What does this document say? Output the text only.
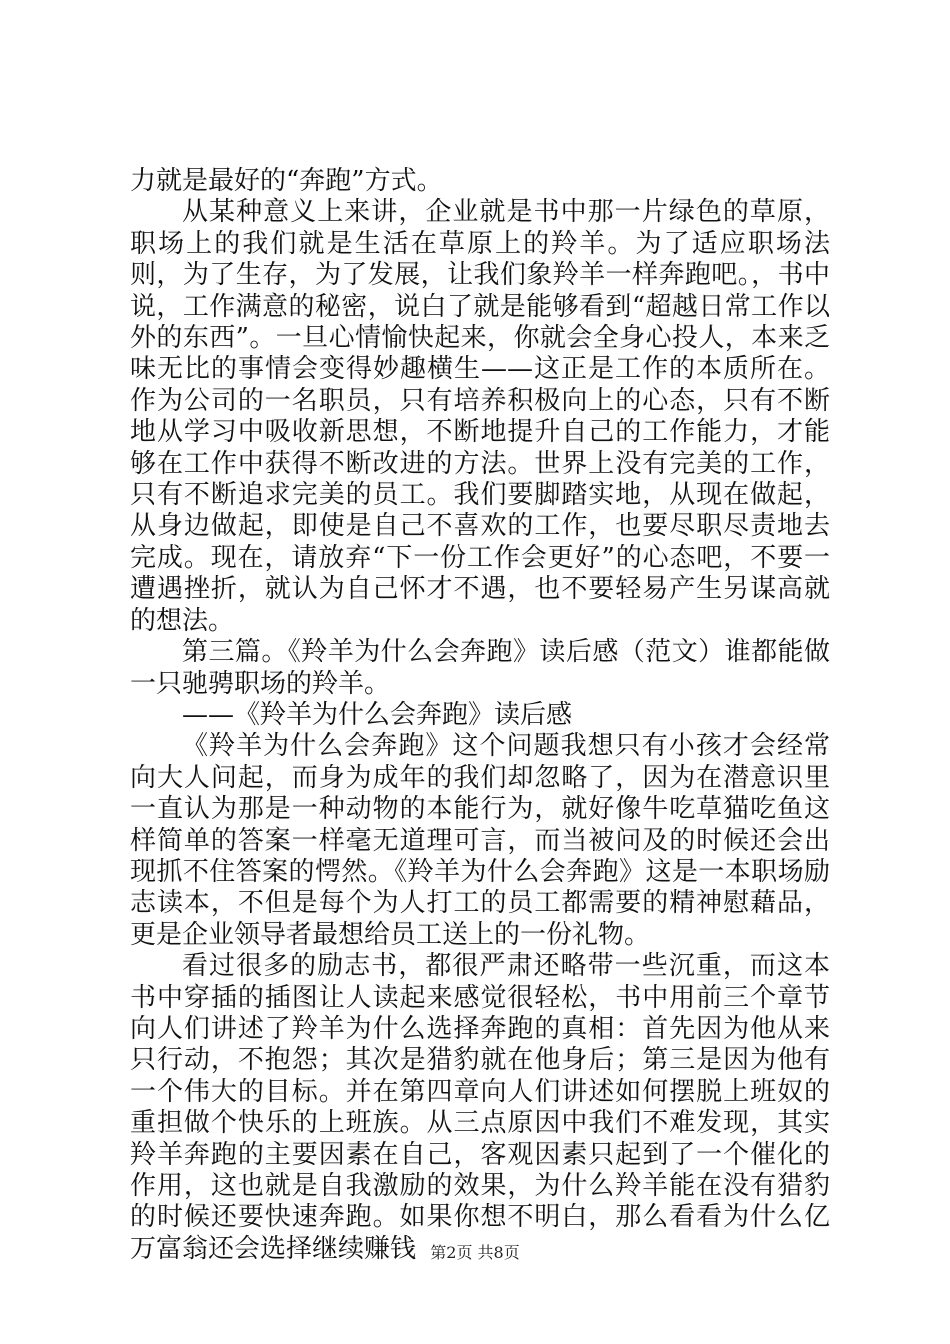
力就是最好的“奔跑”方式。

从某种意义上来讲，企业就是书中那一片绿色的草原，职场上的我们就是生活在草原上的羚羊。为了适应职场法则，为了生存，为了发展，让我们象羚羊一样奔跑吧。，书中说，工作满意的秘密，说白了就是能够看到“超越日常工作以外的东西”。一旦心情愉快起来，你就会全身心投人，本来乏味无比的事情会变得妙趣横生——这正是工作的本质所在。作为公司的一名职员，只有培养积极向上的心态，只有不断地从学习中吸收新思想，不断地提升自己的工作能力，才能够在工作中获得不断改进的方法。世界上没有完美的工作，只有不断追求完美的员工。我们要脚踏实地，从现在做起，从身边做起，即使是自己不喜欢的工作，也要尽职尽责地去完成。现在，请放弃“下一份工作会更好”的心态吧，不要一遭遇挫折，就认为自己怀才不遇，也不要轻易产生另谋高就的想法。

第三篇。《羚羊为什么会奔跑》读后感（范文）谁都能做一只驰骋职场的羚羊。

——《羚羊为什么会奔跑》读后感

《羚羊为什么会奔跑》这个问题我想只有小孩才会经常向大人问起，而身为成年的我们却忽略了，因为在潜意识里一直认为那是一种动物的本能行为，就好像牛吃草猫吃鱼这样简单的答案一样毫无道理可言，而当被问及的时候还会出现抓不住答案的愕然。《羚羊为什么会奔跑》这是一本职场励志读本，不但是每个为人打工的员工都需要的精神慰藉品，更是企业领导者最想给员工送上的一份礼物。

看过很多的励志书，都很严肃还略带一些沉重，而这本书中穿插的插图让人读起来感觉很轻松，书中用前三个章节向人们讲述了羚羊为什么选择奔跑的真相：首先因为他从来只行动，不抱怨；其次是猎豹就在他身后；第三是因为他有一个伟大的目标。并在第四章向人们讲述如何摆脱上班奴的重担做个快乐的上班族。从三点原因中我们不难发现，其实羚羊奔跑的主要因素在自己，客观因素只起到了一个催化的作用，这也就是自我激励的效果，为什么羚羊能在没有猎豹的时候还要快速奔跑。如果你想不明白，那么看看为什么亿万富翁还会选择继续赚钱 第2页 共8页
